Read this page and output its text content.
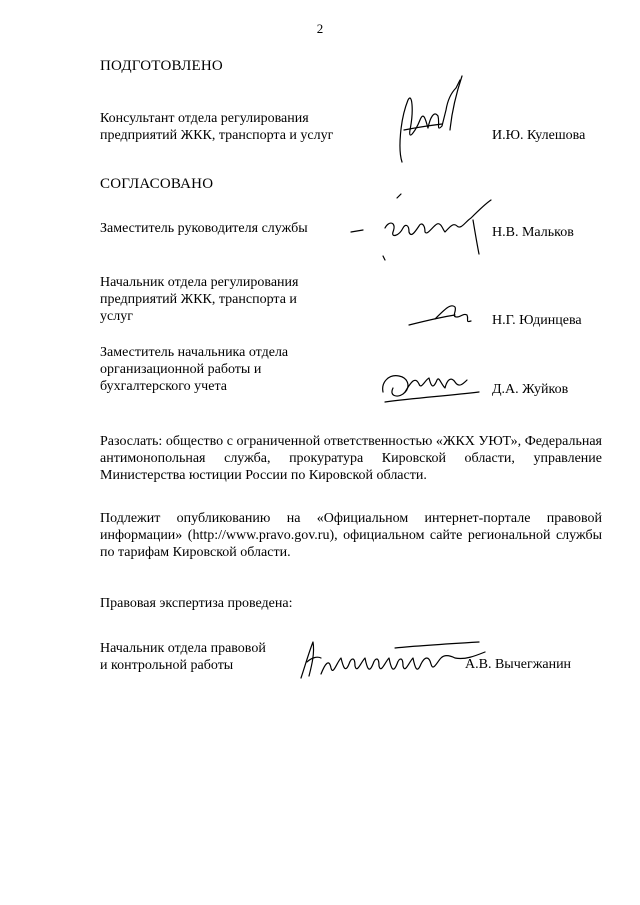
2
ПОДГОТОВЛЕНО
Консультант отдела регулирования
предприятий ЖКК, транспорта и услуг	И.Ю. Кулешова
СОГЛАСОВАНО
Заместитель руководителя службы	Н.В. Мальков
Начальник отдела регулирования
предприятий ЖКК, транспорта и
услуг	Н.Г. Юдинцева
Заместитель начальника отдела
организационной работы и
бухгалтерского учета	Д.А. Жуйков

Разослать: общество с ограниченной ответственностью «ЖКХ УЮТ», Федеральная антимонопольная служба, прокуратура Кировской области, управление Министерства юстиции России по Кировской области.

Подлежит опубликованию на «Официальном интернет-портале правовой информации» (http://www.pravo.gov.ru), официальном сайте региональной службы по тарифам Кировской области.

Правовая экспертиза проведена:
Начальник отдела правовой
и контрольной работы	А.В. Вычегжанин
